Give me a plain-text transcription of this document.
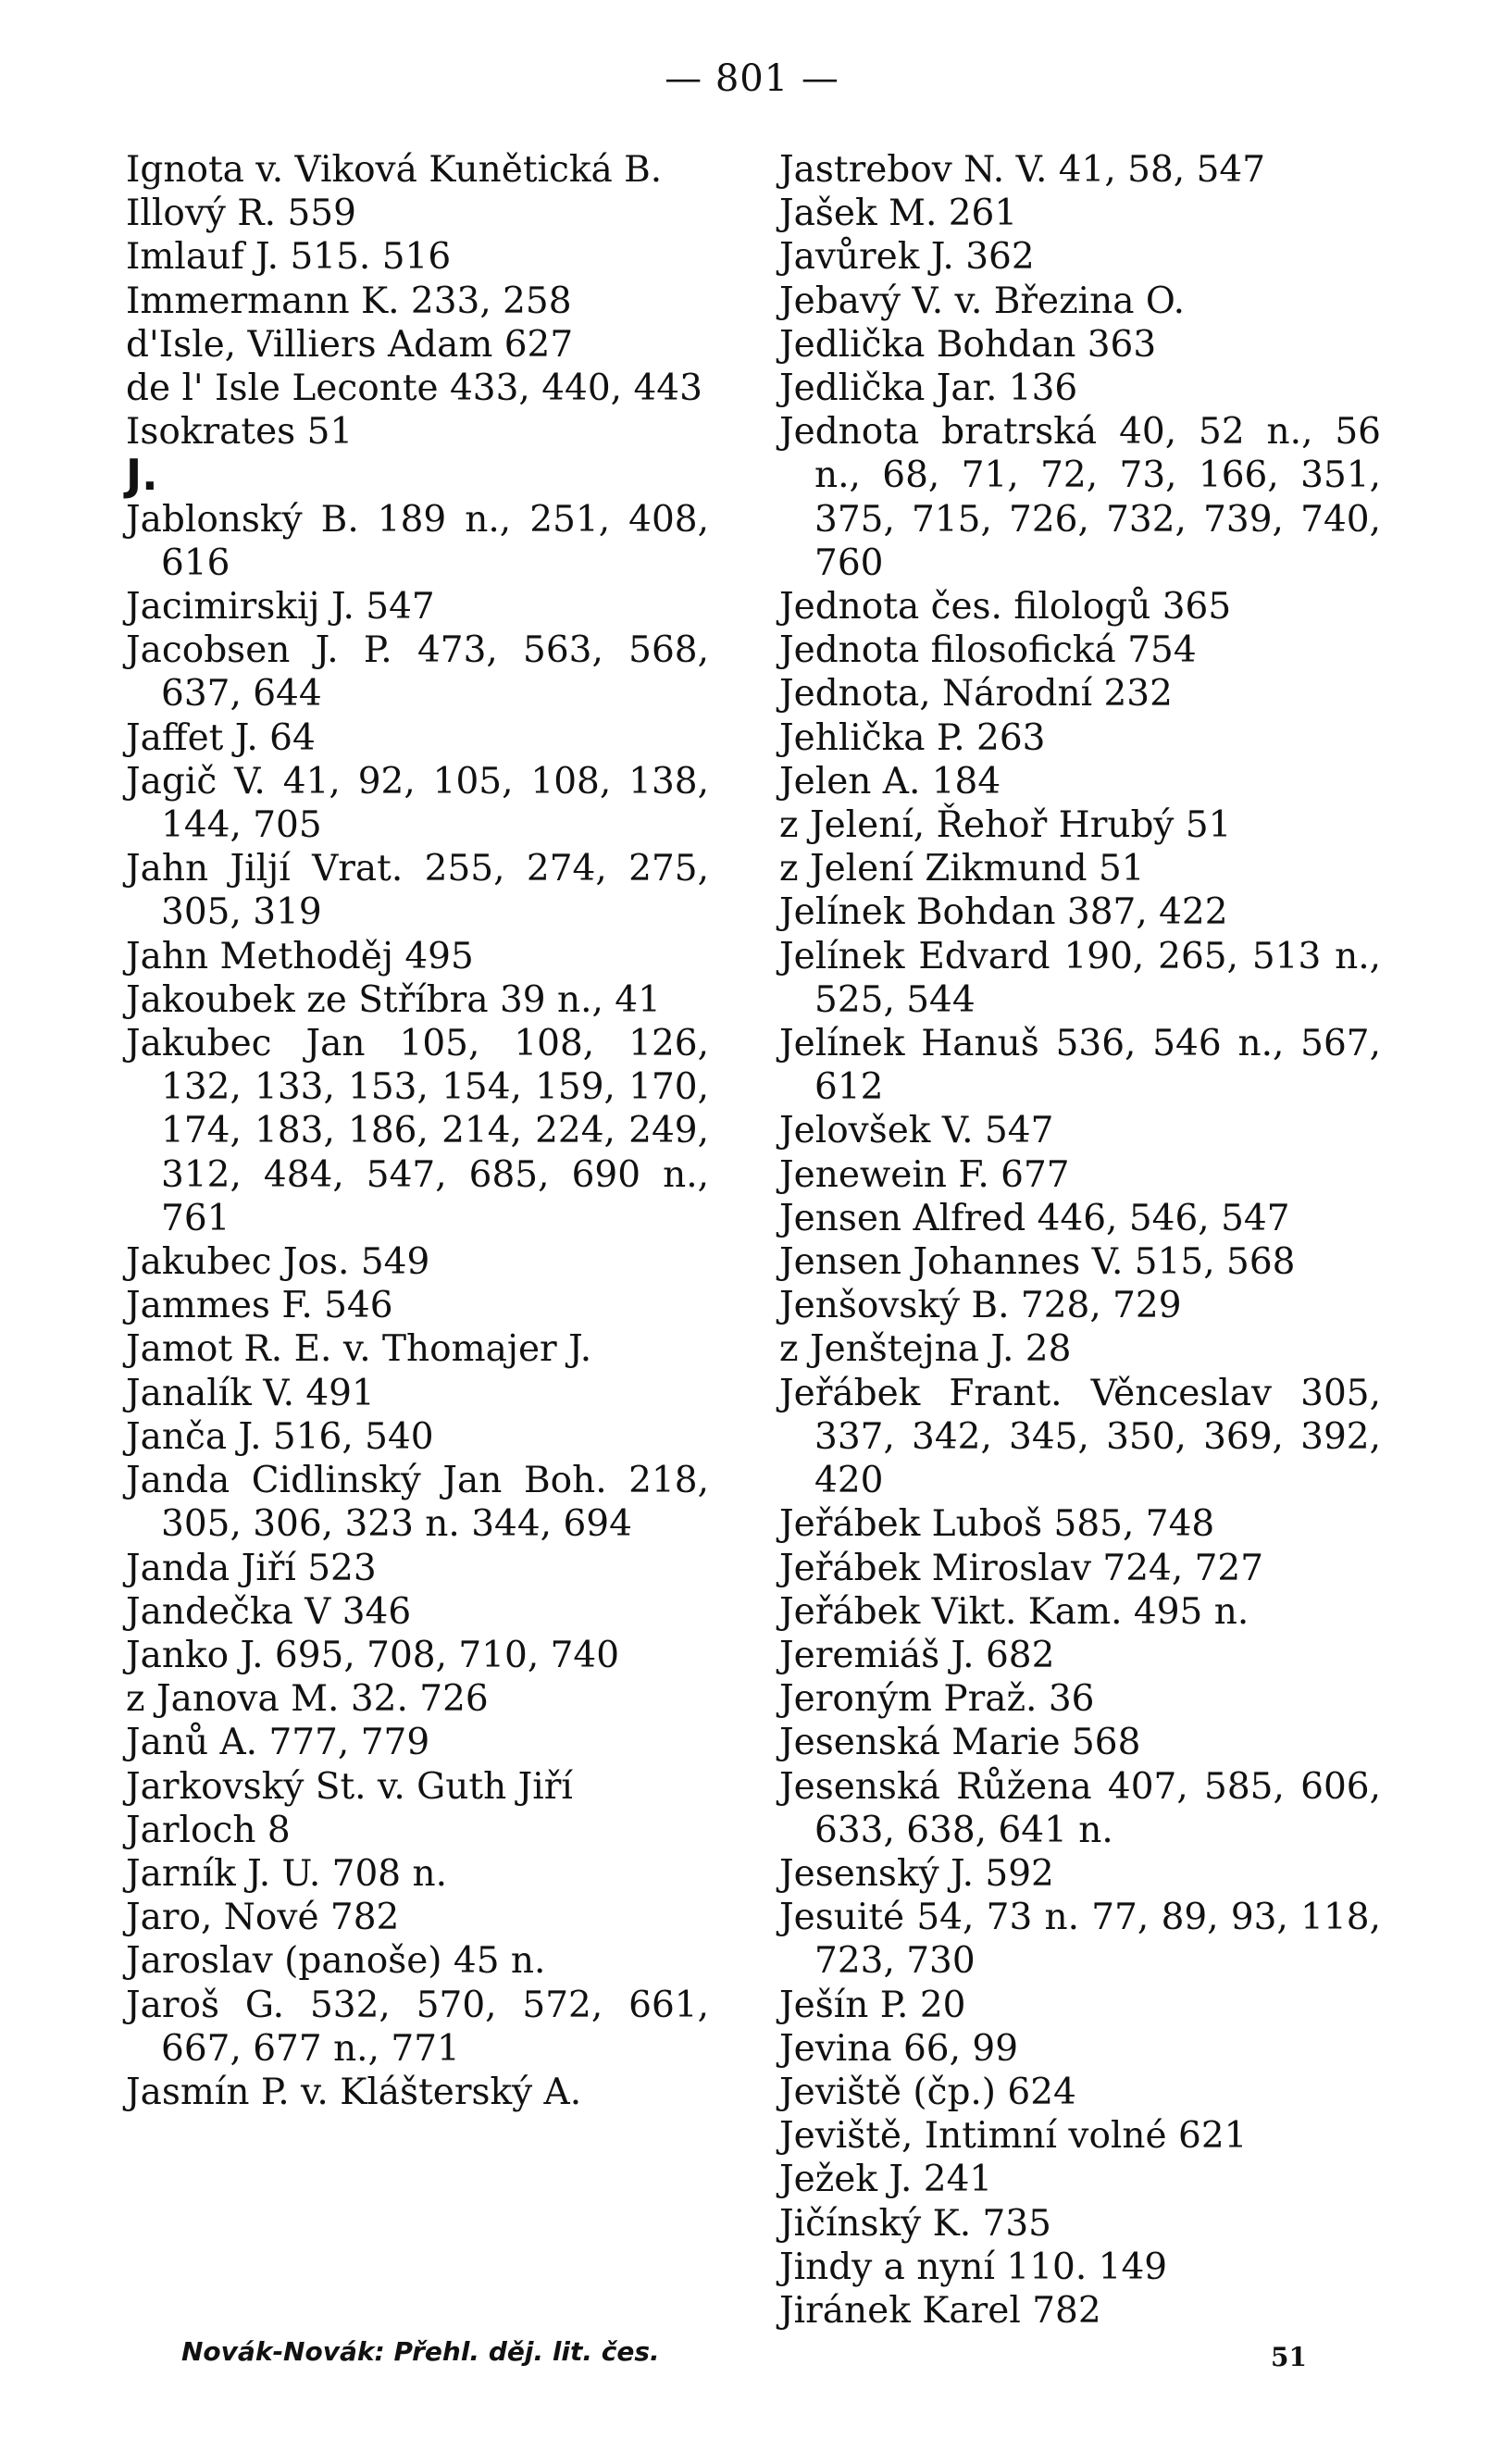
— 801 —
Ignota v. Viková Kunětická B.
Illový R. 559
Imlauf J. 515. 516
Immermann K. 233, 258
d'Isle, Villiers Adam 627
de l' Isle Leconte 433, 440, 443
Isokrates 51
J.
Jablonský B. 189 n., 251, 408, 616
Jacimirskij J. 547
Jacobsen J. P. 473, 563, 568, 637, 644
Jaffet J. 64
Jagič V. 41, 92, 105, 108, 138, 144, 705
Jahn Jiljí Vrat. 255, 274, 275, 305, 319
Jahn Methoděj 495
Jakoubek ze Stříbra 39 n., 41
Jakubec Jan 105, 108, 126, 132, 133, 153, 154, 159, 170, 174, 183, 186, 214, 224, 249, 312, 484, 547, 685, 690 n., 761
Jakubec Jos. 549
Jammes F. 546
Jamot R. E. v. Thomajer J.
Janalík V. 491
Janča J. 516, 540
Janda Cidlinský Jan Boh. 218, 305, 306, 323 n. 344, 694
Janda Jiří 523
Jandečka V 346
Janko J. 695, 708, 710, 740
z Janova M. 32. 726
Janů A. 777, 779
Jarkovský St. v. Guth Jiří
Jarloch 8
Jarník J. U. 708 n.
Jaro, Nové 782
Jaroslav (panoše) 45 n.
Jaroš G. 532, 570, 572, 661, 667, 677 n., 771
Jasmín P. v. Klášterský A.
Jastrebov N. V. 41, 58, 547
Jašek M. 261
Javůrek J. 362
Jebavý V. v. Březina O.
Jedlička Bohdan 363
Jedlička Jar. 136
Jednota bratrská 40, 52 n., 56 n., 68, 71, 72, 73, 166, 351, 375, 715, 726, 732, 739, 740, 760
Jednota čes. filologů 365
Jednota filosofická 754
Jednota, Národní 232
Jehlička P. 263
Jelen A. 184
z Jelení, Řehoř Hrubý 51
z Jelení Zikmund 51
Jelínek Bohdan 387, 422
Jelínek Edvard 190, 265, 513 n., 525, 544
Jelínek Hanuš 536, 546 n., 567, 612
Jelovšek V. 547
Jenewein F. 677
Jensen Alfred 446, 546, 547
Jensen Johannes V. 515, 568
Jenšovský B. 728, 729
z Jenštejna J. 28
Jeřábek Frant. Věnceslav 305, 337, 342, 345, 350, 369, 392, 420
Jeřábek Luboš 585, 748
Jeřábek Miroslav 724, 727
Jeřábek Vikt. Kam. 495 n.
Jeremiáš J. 682
Jeroným Praž. 36
Jesenská Marie 568
Jesenská Růžena 407, 585, 606, 633, 638, 641 n.
Jesenský J. 592
Jesuité 54, 73 n. 77, 89, 93, 118, 723, 730
Ješín P. 20
Jevina 66, 99
Jeviště (čp.) 624
Jeviště, Intimní volné 621
Ježek J. 241
Jičínský K. 735
Jindy a nyní 110. 149
Jiránek Karel 782
Novák-Novák: Přehl. děj. lit. čes.	51
